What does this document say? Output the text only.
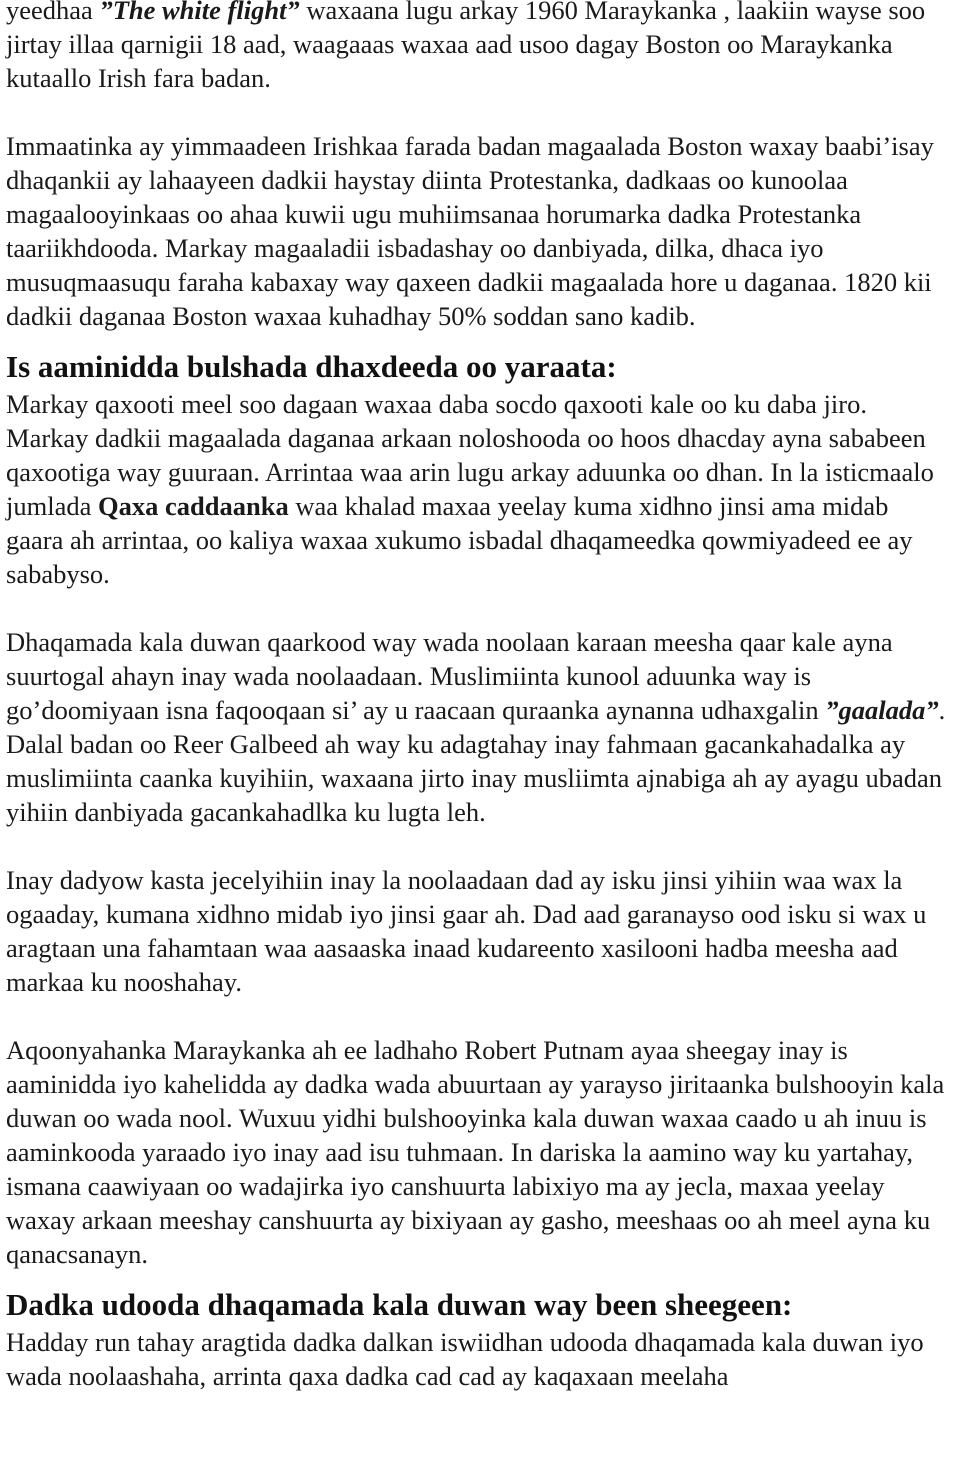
yeedhaa ”The white flight” waxaana lugu arkay 1960 Maraykanka , laakiin wayse soo jirtay illaa qarnigii 18 aad, waagaaas waxaa aad usoo dagay Boston oo Maraykanka kutaallo Irish fara badan.

Immaatinka ay yimmaadeen Irishkaa farada badan magaalada Boston waxay baabi’isay dhaqankii ay lahaayeen dadkii haystay diinta Protestanka, dadkaas oo kunoolaa magaalooyinkaas oo ahaa kuwii ugu muhiimsanaa horumarka dadka Protestanka taariikhdooda. Markay magaaladii isbadashay oo danbiyada, dilka, dhaca iyo musuqmaasuqu faraha kabaxay way qaxeen dadkii magaalada hore u daganaa. 1820 kii dadkii daganaa Boston waxaa kuhadhay 50% soddan sano kadib.

Is aaminidda bulshada dhaxdeeda oo yaraata:

Markay qaxooti meel soo dagaan waxaa daba socdo qaxooti kale oo ku daba jiro. Markay dadkii magaalada daganaa arkaan noloshooda oo hoos dhacday ayna sababeen qaxootiga way guuraan. Arrintaa waa arin lugu arkay aduunka oo dhan. In la isticmaalo jumlada Qaxa caddaanka waa khalad maxaa yeelay kuma xidhno jinsi ama midab gaara ah arrintaa, oo kaliya waxaa xukumo isbadal dhaqameedka qowmiyadeed ee ay sababyso.

Dhaqamada kala duwan qaarkood way wada noolaan karaan meesha qaar kale ayna suurtogal ahayn inay wada noolaadaan. Muslimiinta kunool aduunka way is go’doomiyaan isna faqooqaan si’ ay u raacaan quraanka aynanna udhaxgalin ”gaalada”. Dalal badan oo Reer Galbeed ah way ku adagtahay inay fahmaan gacankahadalka ay muslimiinta caanka kuyihiin, waxaana jirto inay musliimta ajnabiga ah ay ayagu ubadan yihiin danbiyada gacankahadlka ku lugta leh.

Inay dadyow kasta jecelyihiin inay la noolaadaan dad ay isku jinsi yihiin waa wax la ogaaday, kumana xidhno midab iyo jinsi gaar ah. Dad aad garanayso ood isku si wax u aragtaan una fahamtaan waa aasaaska inaad kudareento xasilooni hadba meesha aad markaa ku nooshahay.

Aqoonyahanka Maraykanka ah ee ladhaho Robert Putnam ayaa sheegay inay is aaminidda iyo kahelidda ay dadka wada abuurtaan ay yarayso jiritaanka bulshooyin kala duwan oo wada nool. Wuxuu yidhi bulshooyinka kala duwan waxaa caado u ah inuu is aaminkooda yaraado iyo inay aad isu tuhmaan. In dariska la aamino way ku yartahay, ismana caawiyaan oo wadajirka iyo canshuurta labixiyo ma ay jecla, maxaa yeelay waxay arkaan meeshay canshuurta ay bixiyaan ay gasho, meeshaas oo ah meel ayna ku qanacsanayn.

Dadka udooda dhaqamada kala duwan way been sheegeen:

Hadday run tahay aragtida dadka dalkan iswiidhan udooda dhaqamada kala duwan iyo wada noolaashaha, arrinta qaxa dadka cad cad ay kaqaxaan meelaha
